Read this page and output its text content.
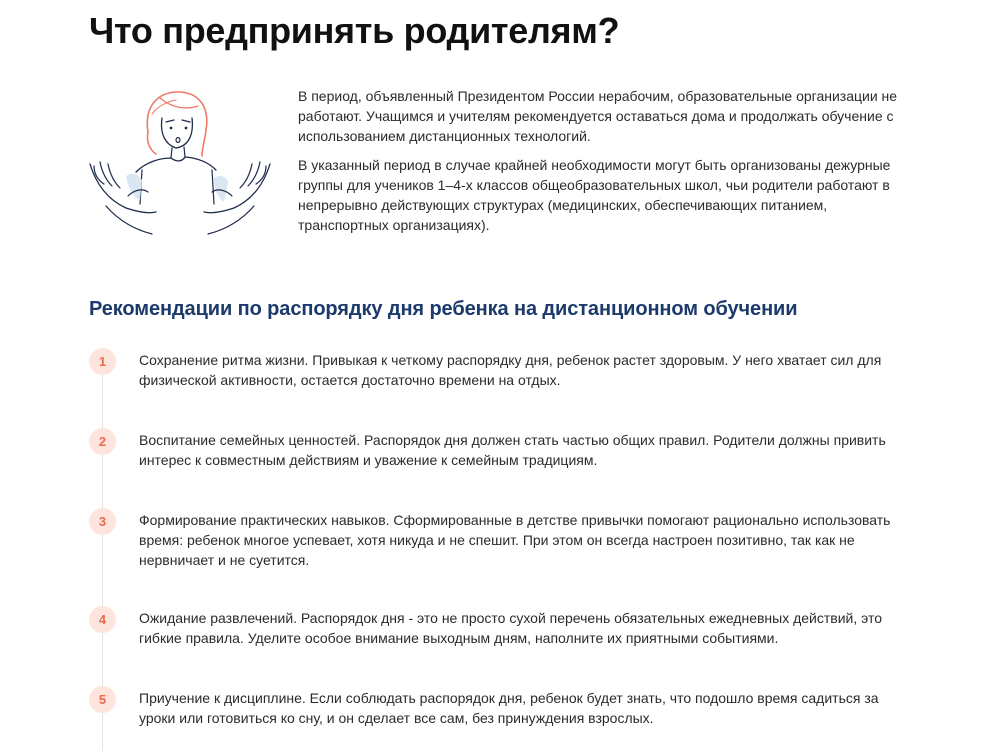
Что предпринять родителям?

В период, объявленный Президентом России нерабочим, образовательные организации не работают. Учащимся и учителям рекомендуется оставаться дома и продолжать обучение с использованием дистанционных технологий.

В указанный период в случае крайней необходимости могут быть организованы дежурные группы для учеников 1–4-х классов общеобразовательных школ, чьи родители работают в непрерывно действующих структурах (медицинских, обеспечивающих питанием, транспортных организациях).

Рекомендации по распорядку дня ребенка на дистанционном обучении
1	Сохранение ритма жизни. Привыкая к четкому распорядку дня, ребенок растет здоровым. У него хватает сил для физической активности, остается достаточно времени на отдых.
2	Воспитание семейных ценностей. Распорядок дня должен стать частью общих правил. Родители должны привить интерес к совместным действиям и уважение к семейным традициям.
3	Формирование практических навыков. Сформированные в детстве привычки помогают рационально использовать время: ребенок многое успевает, хотя никуда и не спешит. При этом он всегда настроен позитивно, так как не нервничает и не суетится.
4	Ожидание развлечений. Распорядок дня - это не просто сухой перечень обязательных ежедневных действий, это гибкие правила. Уделите особое внимание выходным дням, наполните их приятными событиями.
5	Приучение к дисциплине. Если соблюдать распорядок дня, ребенок будет знать, что подошло время садиться за уроки или готовиться ко сну, и он сделает все сам, без принуждения взрослых.
